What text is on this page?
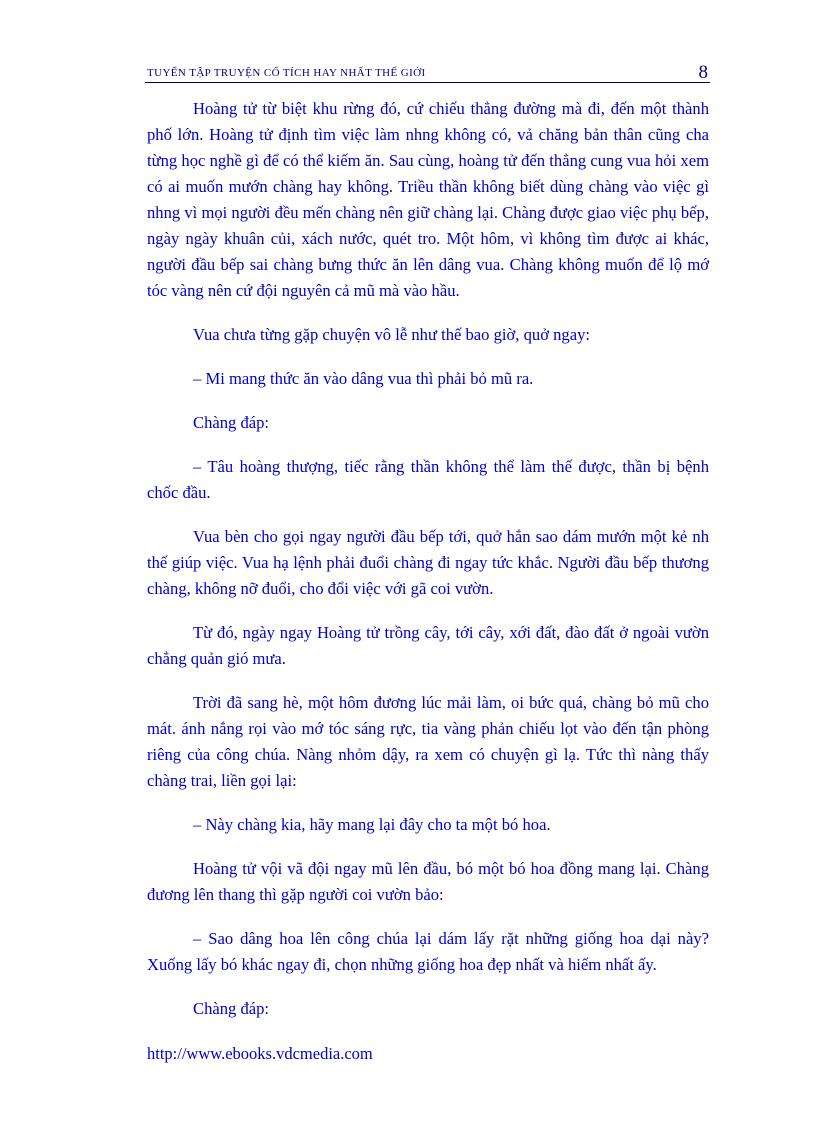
TUYỂN TẬP TRUYỆN CỔ TÍCH HAY NHẤT THẾ GIỚI	8

Hoàng tử từ biệt khu rừng đó, cứ chiếu thẳng đường mà đi, đến một thành phố lớn. Hoàng tử định tìm việc làm nhng không có, vả chăng bản thân cũng cha từng học nghề gì để có thể kiếm ăn. Sau cùng, hoàng tử đến thẳng cung vua hỏi xem có ai muốn mướn chàng hay không. Triều thần không biết dùng chàng vào việc gì nhng vì mọi người đều mến chàng nên giữ chàng lại. Chàng được giao việc phụ bếp, ngày ngày khuân củi, xách nước, quét tro. Một hôm, vì không tìm được ai khác, người đầu bếp sai chàng bưng thức ăn lên dâng vua. Chàng không muốn để lộ mớ tóc vàng nên cứ đội nguyên cả mũ mà vào hầu.

Vua chưa từng gặp chuyện vô lễ như thế bao giờ, quở ngay:

– Mi mang thức ăn vào dâng vua thì phải bỏ mũ ra.

Chàng đáp:

– Tâu hoàng thượng, tiếc rằng thần không thể làm thế được, thần bị bệnh chốc đầu.

Vua bèn cho gọi ngay người đầu bếp tới, quở hắn sao dám mướn một kẻ nh thế giúp việc. Vua hạ lệnh phải đuổi chàng đi ngay tức khắc. Người đầu bếp thương chàng, không nỡ đuổi, cho đổi việc với gã coi vườn.

Từ đó, ngày ngay Hoàng tử trồng cây, tới cây, xới đất, đào đất ở ngoài vườn chẳng quản gió mưa.

Trời đã sang hè, một hôm đương lúc mải làm, oi bức quá, chàng bỏ mũ cho mát. ánh nắng rọi vào mớ tóc sáng rực, tia vàng phản chiếu lọt vào đến tận phòng riêng của công chúa. Nàng nhỏm dậy, ra xem có chuyện gì lạ. Tức thì nàng thấy chàng trai, liền gọi lại:

– Này chàng kia, hãy mang lại đây cho ta một bó hoa.

Hoàng tử vội vã đội ngay mũ lên đầu, bó một bó hoa đồng mang lại. Chàng đương lên thang thì gặp người coi vườn bảo:

– Sao dâng hoa lên công chúa lại dám lấy rặt những giống hoa dại này? Xuống lấy bó khác ngay đi, chọn những giống hoa đẹp nhất và hiếm nhất ấy.

Chàng đáp:

http://www.ebooks.vdcmedia.com
